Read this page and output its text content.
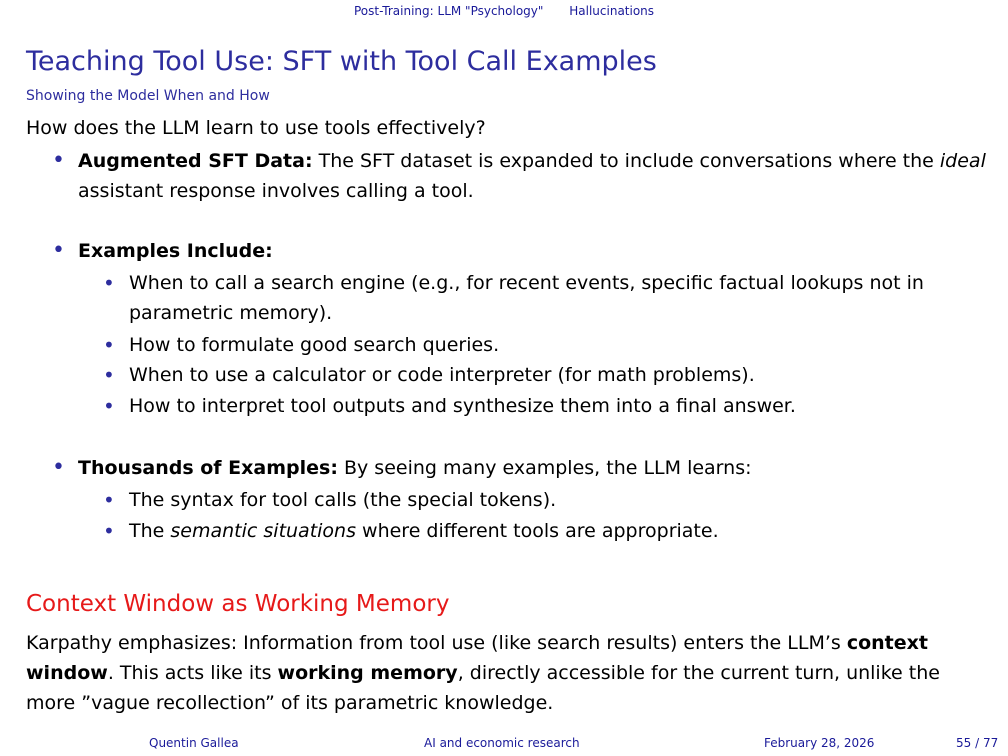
Post-Training: LLM "Psychology" Hallucinations
Teaching Tool Use: SFT with Tool Call Examples
Showing the Model When and How
How does the LLM learn to use tools effectively?
• Augmented SFT Data: The SFT dataset is expanded to include conversations where the ideal assistant response involves calling a tool.
• Examples Include:
• When to call a search engine (e.g., for recent events, specific factual lookups not in parametric memory).
• How to formulate good search queries.
• When to use a calculator or code interpreter (for math problems).
• How to interpret tool outputs and synthesize them into a final answer.
• Thousands of Examples: By seeing many examples, the LLM learns:
• The syntax for tool calls (the special tokens).
• The semantic situations where different tools are appropriate.
Context Window as Working Memory
Karpathy emphasizes: Information from tool use (like search results) enters the LLM’s context window. This acts like its working memory, directly accessible for the current turn, unlike the more ”vague recollection” of its parametric knowledge.
Quentin Gallea	AI and economic research	February 28, 2026	55 / 77
